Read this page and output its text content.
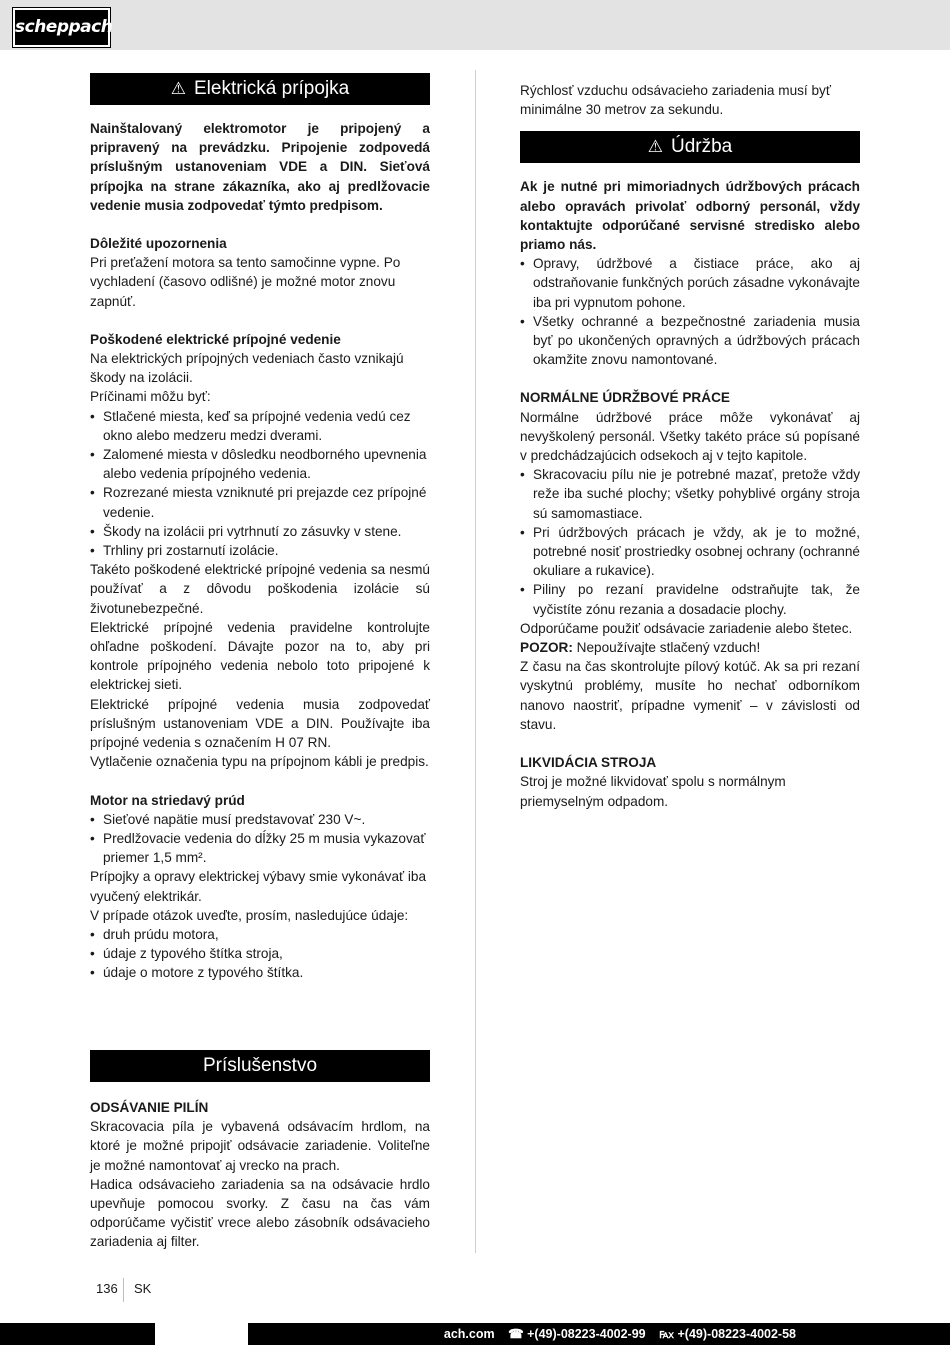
scheppach
⚠ Elektrická prípojka

Nainštalovaný elektromotor je pripojený a pripravený na prevádzku. Pripojenie zodpovedá príslušným ustanoveniam VDE a DIN. Sieťová prípojka na strane zákazníka, ako aj predlžovacie vedenie musia zodpovedať týmto predpisom.

Dôležité upozornenia

Pri preťažení motora sa tento samočinne vypne. Po vychladení (časovo odlišné) je možné motor znovu zapnúť.

Poškodené elektrické prípojné vedenie

Na elektrických prípojných vedeniach často vznikajú škody na izolácii.

Príčinami môžu byť:

• Stlačené miesta, keď sa prípojné vedenia vedú cez okno alebo medzeru medzi dverami.
• Zalomené miesta v dôsledku neodborného upevnenia alebo vedenia prípojného vedenia.
• Rozrezané miesta vzniknuté pri prejazde cez prípojné vedenie.
• Škody na izolácii pri vytrhnutí zo zásuvky v stene.
• Trhliny pri zostarnutí izolácie.

Takéto poškodené elektrické prípojné vedenia sa nesmú používať a z dôvodu poškodenia izolácie sú životunebezpečné.

Elektrické prípojné vedenia pravidelne kontrolujte ohľadne poškodení. Dávajte pozor na to, aby pri kontrole prípojného vedenia nebolo toto pripojené k elektrickej sieti.

Elektrické prípojné vedenia musia zodpovedať príslušným ustanoveniam VDE a DIN. Používajte iba prípojné vedenia s označením H 07 RN.

Vytlačenie označenia typu na prípojnom kábli je predpis.

Motor na striedavý prúd

• Sieťové napätie musí predstavovať 230 V~.
• Predlžovacie vedenia do dĺžky 25 m musia vykazovať priemer 1,5 mm².

Prípojky a opravy elektrickej výbavy smie vykonávať iba vyučený elektrikár.

V prípade otázok uveďte, prosím, nasledujúce údaje:

• druh prúdu motora,
• údaje z typového štítka stroja,
• údaje o motore z typového štítka.
Príslušenstvo

ODSÁVANIE PILÍN

Skracovacia píla je vybavená odsávacím hrdlom, na ktoré je možné pripojiť odsávacie zariadenie. Voliteľne je možné namontovať aj vrecko na prach.

Hadica odsávacieho zariadenia sa na odsávacie hrdlo upevňuje pomocou svorky. Z času na čas vám odporúčame vyčistiť vrece alebo zásobník odsávacieho zariadenia aj filter.

Rýchlosť vzduchu odsávacieho zariadenia musí byť minimálne 30 metrov za sekundu.

⚠ Údržba

Ak je nutné pri mimoriadnych údržbových prácach alebo opravách privolať odborný personál, vždy kontaktujte odporúčané servisné stredisko alebo priamo nás.

• Opravy, údržbové a čistiace práce, ako aj odstraňovanie funkčných porúch zásadne vykonávajte iba pri vypnutom pohone.
• Všetky ochranné a bezpečnostné zariadenia musia byť po ukončených opravných a údržbových prácach okamžite znovu namontované.

NORMÁLNE ÚDRŽBOVÉ PRÁCE

Normálne údržbové práce môže vykonávať aj nevyškolený personál. Všetky takéto práce sú popísané v predchádzajúcich odsekoch aj v tejto kapitole.

• Skracovaciu pílu nie je potrebné mazať, pretože vždy reže iba suché plochy; všetky pohyblivé orgány stroja sú samomastiace.
• Pri údržbových prácach je vždy, ak je to možné, potrebné nosiť prostriedky osobnej ochrany (ochranné okuliare a rukavice).
• Piliny po rezaní pravidelne odstraňujte tak, že vyčistíte zónu rezania a dosadacie plochy.

Odporúčame použiť odsávacie zariadenie alebo štetec.

POZOR: Nepoužívajte stlačený vzduch!

Z času na čas skontrolujte pílový kotúč. Ak sa pri rezaní vyskytnú problémy, musíte ho nechať odborníkom nanovo naostriť, prípadne vymeniť – v závislosti od stavu.

LIKVIDÁCIA STROJA

Stroj je možné likvidovať spolu s normálnym priemyselným odpadom.

136 SK
ach.com ☎ +(49)-08223-4002-99 ℻ +(49)-08223-4002-58
